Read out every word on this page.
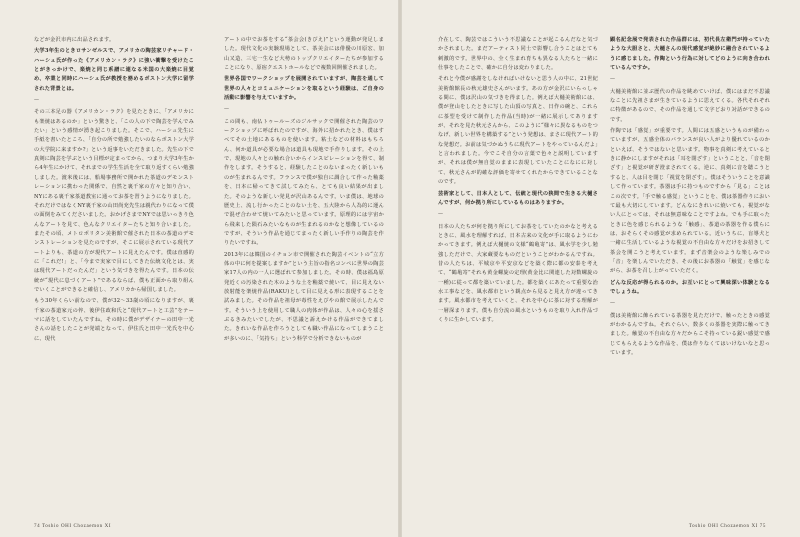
などが金沢市内に出品されます。

大学3年生のときロサンゼルスで、アメリカの陶芸家リチャード・ハーシュ氏が作った《アメリカン・ラク》に強い衝撃を受けたことがきっかけで、楽焼と同じ系譜に連なる米国の大楽焼に目覚め、卒業と同時にハーシュ氏が教授を務めるボストン大学に留学された背景とは。

—

その三本足の器《アメリカン・ラク》を見たときに、「アメリカにも楽焼はあるのか」という驚きと、「この人の下で陶芸を学んでみたい」という感情が湧き起こりました。そこで、ハーシュ先生に手紙を書いたところ、「自分の所で勉強したいのならボストン大学の大学院に来ますか?」という返事をいただきました。先生の下で真剣に陶芸を学ぶという目標が定まってから、つまり大学3年生から4年生にかけて、それまでの学生生活を全て取り返すくらい勉強しました。渡米後には、船場事務所で開かれた茶道のデモンストレーションに携わった関係で、自然と裏千家の方々と知り合い、NYにある裏千家茶道教室に通ってお茶を習うようになりました。それだけではなくNY裏千家の山田尚充先生は親代わりになって僕の面倒をみてくださいました。おかげさまでNYでは思いっきり色んなアートを見て、色んなクリエイターたちと知り合いました。またその頃、メトロポリタン美術館で催された日本の茶道のデモンストレーションを見たのですが、そこに展示されている現代アートよりも、茶道の方が現代アートに見えたんです。僕は直感的に「これだ!」と、「今まで実家で目にしてきた伝統文化とは、実は現代アートだったんだ」という気づきを得たんです。日本の伝統が“現代に息づくアート”であるならば、僕も正面から取り組んでいくことができると確信し、アメリカから帰国しました。

もう30年くらい前なので、僕が32〜33歳の頃になりますが、裏千家の茶道家元の倅、後伊住政和氏と“現代アートと工芸”をテーマに話をしていたんですね。その時に僕がデザイナーの田中一光さんの話をしたことが発端となって、伊住氏と田中一光氏を中心に、現代

アートの中でお茶をする“茶会会(きびえ)”という運動が発足しました。現代文化の実験現場として、茶美会には俳優の川原宏、加山又造、三宅一生など大勢のトップクリエイターたちが参加することになり、原宿クエストホールなどで複数回開催されました。

世界各国でワークショップを展開されていますが、陶芸を通して世界の人々とコミュニケーションを取るという経験は、ご自身の活動に影響を与えていますか。

—

この間も、南仏トゥールーズのジルサックで開催された陶芸のワークショップに呼ばれたのですが、海外に招かれたとき、僕はすべてその土地にあるものを使います。粘土などの材料はもちろん、何か道具が必要な場合は道具も現地で手作りします。その上で、現地の人々との触れ合いからインスピレーションを得て、制作をします。そうすると、経験したことのないまったく新しいものが生まれるんです。フランスで僕が独自に調合して作った釉薬を、日本に帰ってきて試してみたら、とても良い結果が出ました。そのような新しい発見が沢山あるんです。いま僕は、地球の歴史上、流し行かったことのない土を、五大陸から人為的に運んで混ぜ合わせて焼いてみたいと思っています。原理的には宇宙から飛来した隕石みたいなものが生まれるのかなと想像しているのですが、そういう作品を通じてまったく新しい手作りの陶芸を作りたいですね。

2013年には韓国のイチョン市で開催された陶芸イベントの“立方体の中に何を提案しますか”という主旨の指名コンペに世界の陶芸家17人の内の一人に選ばれて参加しました。その時、僕は福島原発近くの汚染された木のような土を釉薬で焼いて、目に見えない放射能を楽焼作品(RAKU)として目に見える形に表現することを試みました。その作品を祖母が毒性をえびやの館で展示したんです。そういう上を使用して職人の肉体が作品は、人々の心を揺さぶるきみたいでしたが、不思議と訴えかける作品ができてました。きれいな作品を作ろうとしても職い作品になってしまうことが多いのに、「気持ち」という科学で分析できないものが

74 Toshio OHI Chozaemon XI

介在して、陶芸ではこういう不思議なことが起こるんだなと気づかされました。まだアーティスト同士で影響し合うことはとても刺激的です。世界中の、全く生まれ育ちも異なる人たちと一緒に仕事をしたことで、確かに自分は変わりました。

それと今僕が感謝をしなければいけないと思う人の中に、21世紀美術館館長の秋元雄史さんがいます。あの方が金沢にいらっしゃる間に、僕は沢山の気づきを得ました。例えば大樋美術館には、僕が登山をしたときに写した山頂の写真と、日作の碗と、これらに茶型を受けて制作した作品(当時)が一緒に展示してありますが、それを見た秋元さんから、このように“様々に異なるものをつなげ、新しい世界を構築する”という発想は、まさに現代アート的な発想だ。お前は気づかぬうちに現代アートをやっているんだよ」と言われました。今でこそ自分の言葉で色々と説明していますが、それは僕が無自覚のままに表現していたことになにに対して、秋元さんが的確な評価を寄せてくれたからできていることなのです。

芸術家として、日本人として、伝統と現代の狭間で生きる大樋さんですが、何か拠り所にしているものはありますか。

—

日本の人たちが何を拠り所にしてお茶をしていたのかなと考えるときに、風水を理解すれば、日本古来の文化が手に取るようにわかってきます。例えば大樋焼の文様“鶴亀寄”は、風水学を少し勉強しただけで、大家蔵要なものだということがわかるんですね。昔の人たちは、平城京や平安京などを築く際に都の安泰を考えて、“鶴亀寄”それも黄金螺旋の定理(黄金比に関連した対数螺旋の一種)に従って都を築いていました。都を築くにあたって重要な治水工事などを、風水都市という観点から見ると見え方が違ってきます。風水都市を考えていくと、それを中心に茶に対する理解が一層深まります。僕も自分流の風水というものを取り入れ作品づくりに生かしています。

顕名記念展で発表された作品群には、初代長左衛門が持っていたような大胆さと、大樋さんの現代感覚が絶妙に融合されているように感じました。作陶という行為に対してどのように向き合われているんですか。

—

大樋美術館に並ぶ歴代の作品を眺めていけば、僕にはまだ不思議なことに先祖さまが生きているように思えてくる。各代それぞれに特徴があるので、その作品を通して文字どおり対話ができるのです。

作陶では「感覚」が重要です。人間には五感というものが備わっていますが、五感全体のバランスが良い人がより優れているのかといえば、そうではないと思います。物事を真剣に考えているときに静かにしますがそれは「耳を閉ざす」ということと、「音を閉ざす」と視覚が研ぎ澄まされてくる。逆に、真剣に音を聴こうとすると、人は目を閉じ「視覚を閉ざす」。僕はそういうことを意識して作っています。茶器は手に持つものですから「見る」ことはこの次です。「手で触る感覚」ということを、僕は茶器作りにおいて最も大切にしています。どんなにきれいに焼いても、視覚がない人にとっては、それは無意味なことですよね。でも手に取ったときに色を感じられるような「触感」、茶道の茶器を作る僕らには、おそらくその感覚が求められている。近いうちに、盲導犬と一緒に生活しているような視覚の不自由な方々だけをお招きして茶会を開こうと考えています。まず音楽会のような楽しみでの「音」を楽しんでいただき、その後にお茶器の「触覚」を感じながら、お茶を召し上がっていただく。

どんな反応が得られるのか。お互いにとって興味深い体験となるでしょうね。

—

僕は美術館に飾られている茶器を見ただけで、触ったときの感覚がわかるんですね。それぐらい、数多くの茶器を実際に触ってきました。触覚の不自由な方々だからこそ持っている鋭い感覚で感じてもらえるような作品を、僕は作りなくてはいけないなと思っています。

Toshio OHI Chozaemon XI 75
